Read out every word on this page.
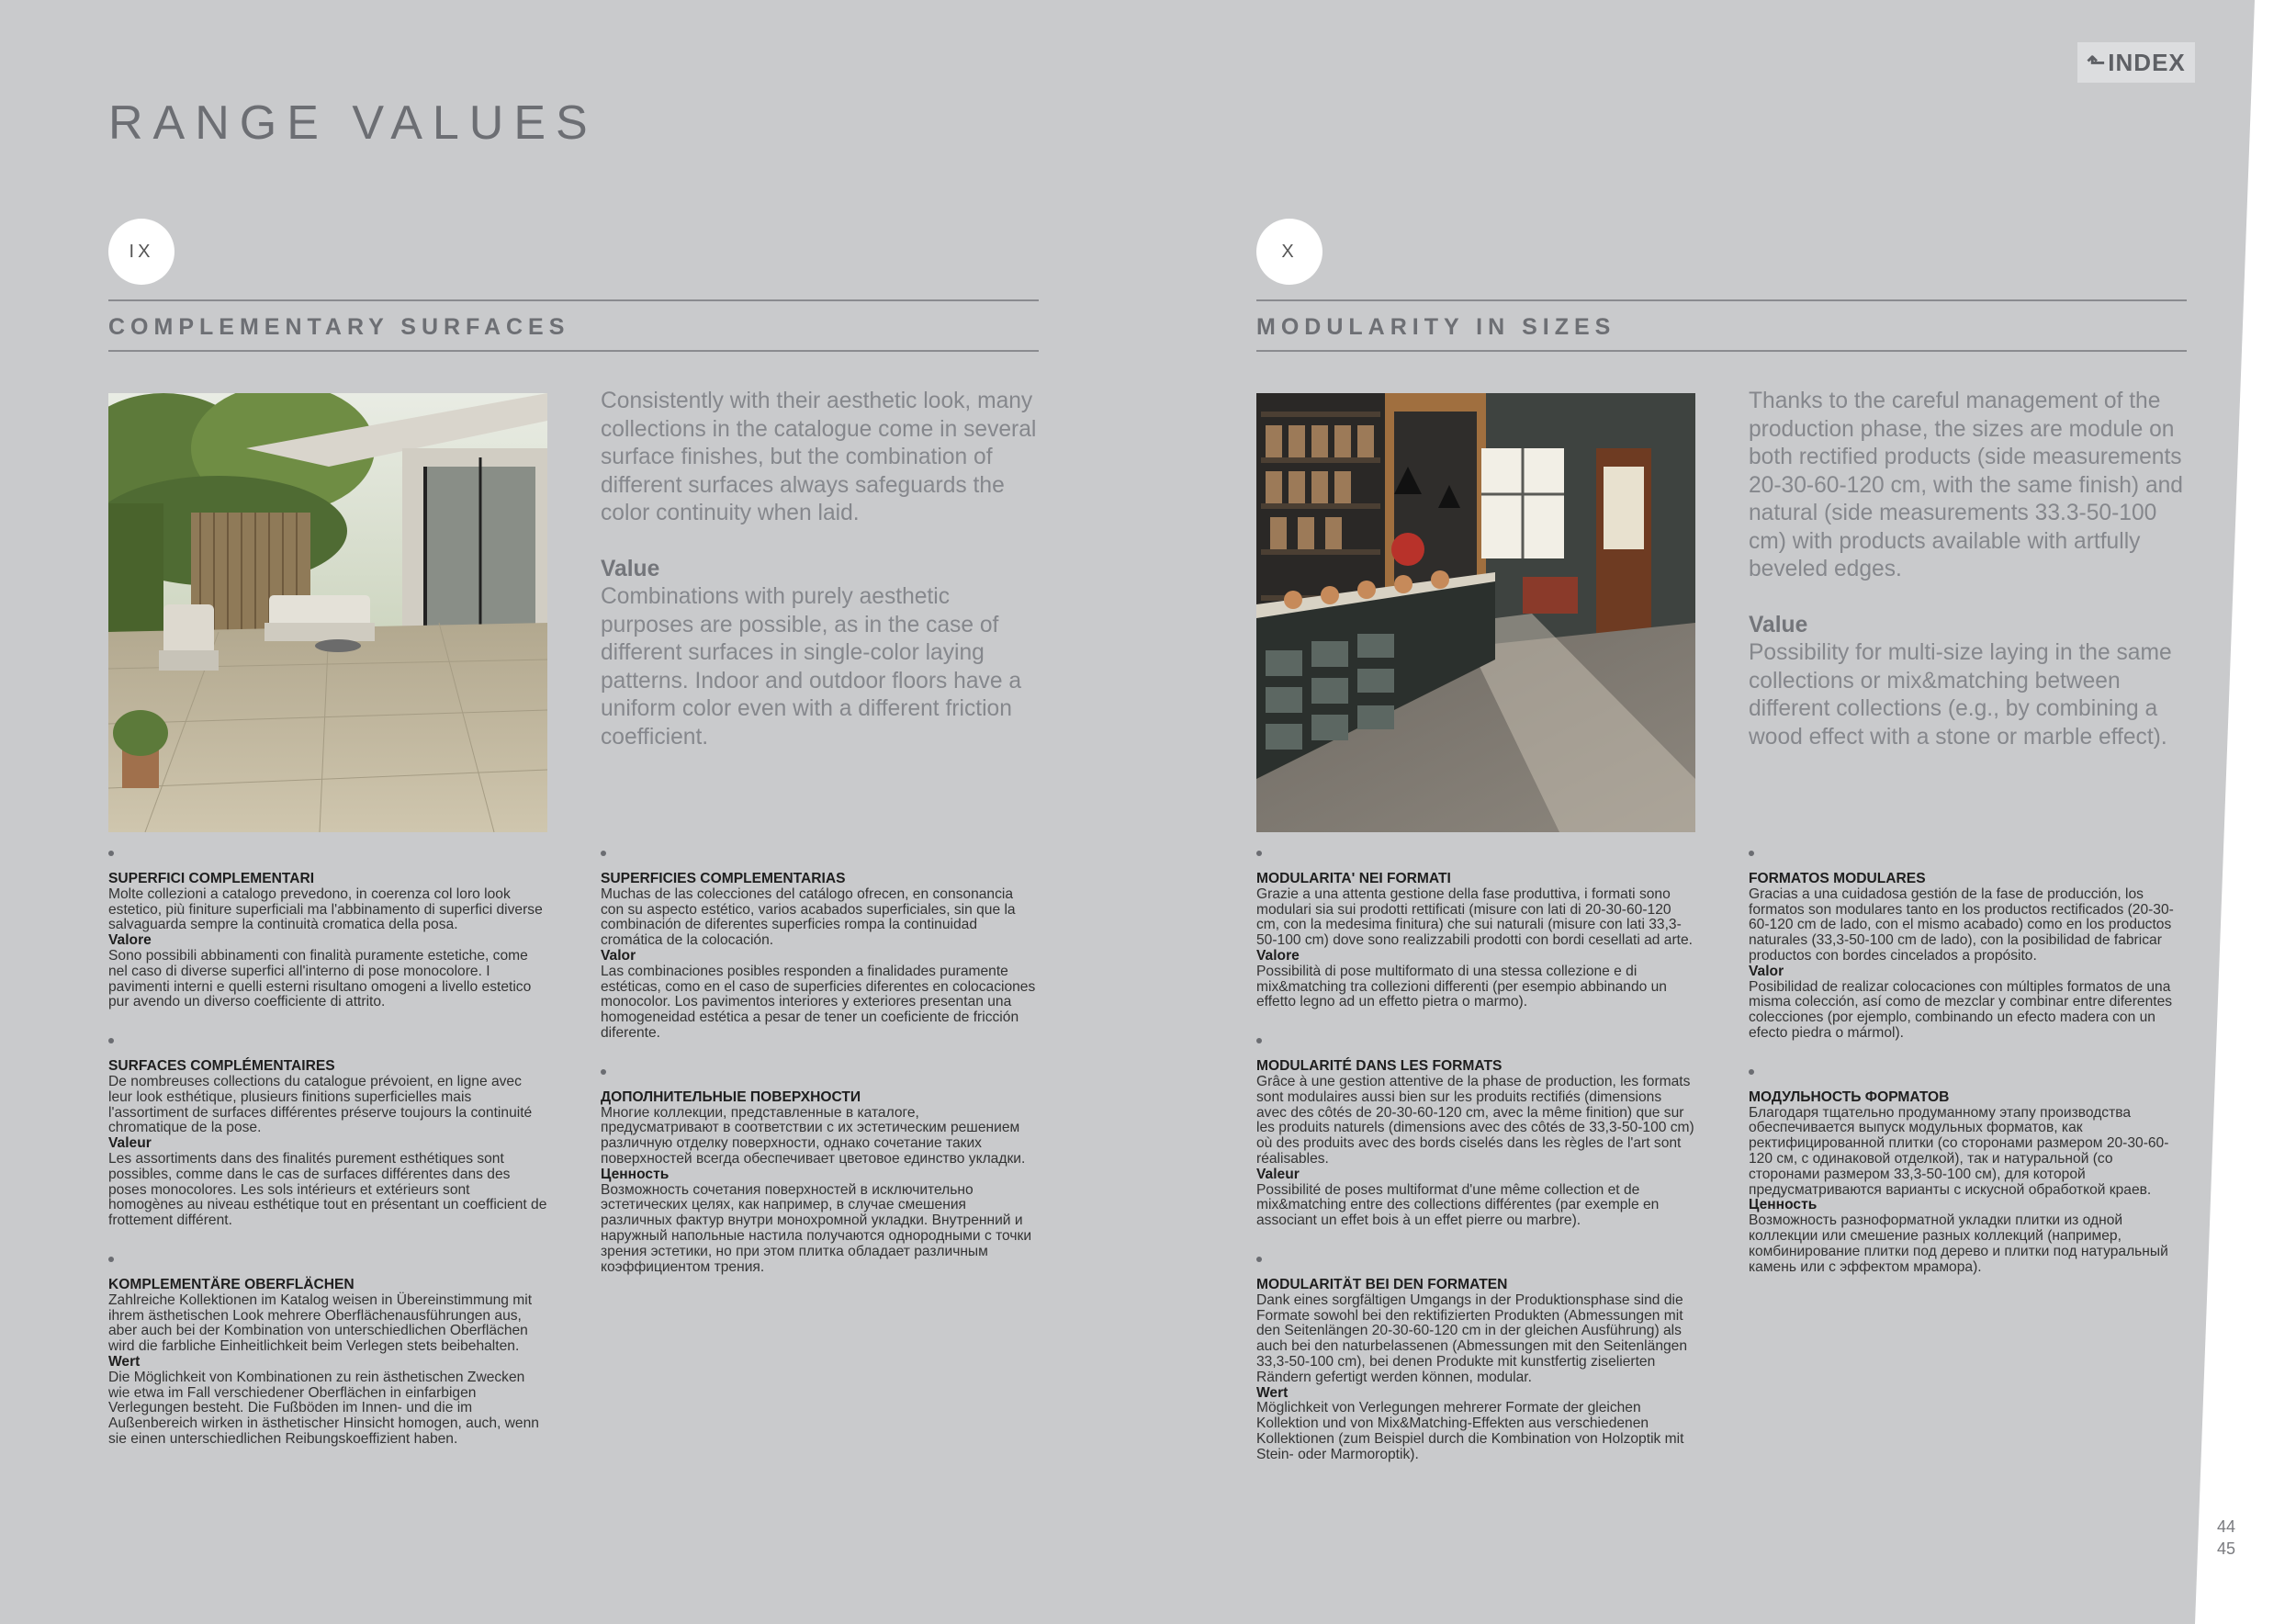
⬑ INDEX
RANGE VALUES
IX
COMPLEMENTARY SURFACES

Consistently with their aesthetic look, many collections in the catalogue come in several surface finishes, but the combination of different surfaces always safeguards the color continuity when laid.

Value

Combinations with purely aesthetic purposes are possible, as in the case of different surfaces in single-color laying patterns. Indoor and outdoor floors have a uniform color even with a different friction coefficient.

SUPERFICI COMPLEMENTARI

Molte collezioni a catalogo prevedono, in coerenza col loro look estetico, più finiture superficiali ma l'abbinamento di superfici diverse salvaguarda sempre la continuità cromatica della posa.

Valore

Sono possibili abbinamenti con finalità puramente estetiche, come nel caso di diverse superfici all'interno di pose monocolore. I pavimenti interni e quelli esterni risultano omogeni a livello estetico pur avendo un diverso coefficiente di attrito.

SURFACES COMPLÉMENTAIRES

De nombreuses collections du catalogue prévoient, en ligne avec leur look esthétique, plusieurs finitions superficielles mais l'assortiment de surfaces différentes préserve toujours la continuité chromatique de la pose.

Valeur

Les assortiments dans des finalités purement esthétiques sont possibles, comme dans le cas de surfaces différentes dans des poses monocolores. Les sols intérieurs et extérieurs sont homogènes au niveau esthétique tout en présentant un coefficient de frottement différent.

KOMPLEMENTÄRE OBERFLÄCHEN

Zahlreiche Kollektionen im Katalog weisen in Übereinstimmung mit ihrem ästhetischen Look mehrere Oberflächenausführungen aus, aber auch bei der Kombination von unterschiedlichen Oberflächen wird die farbliche Einheitlichkeit beim Verlegen stets beibehalten.

Wert

Die Möglichkeit von Kombinationen zu rein ästhetischen Zwecken wie etwa im Fall verschiedener Oberflächen in einfarbigen Verlegungen besteht. Die Fußböden im Innen- und die im Außenbereich wirken in ästhetischer Hinsicht homogen, auch, wenn sie einen unterschiedlichen Reibungskoeffizient haben.

SUPERFICIES COMPLEMENTARIAS

Muchas de las colecciones del catálogo ofrecen, en consonancia con su aspecto estético, varios acabados superficiales, sin que la combinación de diferentes superficies rompa la continuidad cromática de la colocación.

Valor

Las combinaciones posibles responden a finalidades puramente estéticas, como en el caso de superficies diferentes en colocaciones monocolor. Los pavimentos interiores y exteriores presentan una homogeneidad estética a pesar de tener un coeficiente de fricción diferente.

ДОПОЛНИТЕЛЬНЫЕ ПОВЕРХНОСТИ

Многие коллекции, представленные в каталоге, предусматривают в соответствии с их эстетическим решением различную отделку поверхности, однако сочетание таких поверхностей всегда обеспечивает цветовое единство укладки.

Ценность

Возможность сочетания поверхностей в исключительно эстетических целях, как например, в случае смешения различных фактур внутри монохромной укладки. Внутренний и наружный напольные настила получаются однородными с точки зрения эстетики, но при этом плитка обладает различным коэффициентом трения.

X
MODULARITY IN SIZES

Thanks to the careful management of the production phase, the sizes are module on both rectified products (side measurements 20-30-60-120 cm, with the same finish) and natural (side measurements 33.3-50-100 cm) with products available with artfully beveled edges.

Value

Possibility for multi-size laying in the same collections or mix&matching between different collections (e.g., by combining a wood effect with a stone or marble effect).

MODULARITA' NEI FORMATI

Grazie a una attenta gestione della fase produttiva, i formati sono modulari sia sui prodotti rettificati (misure con lati di 20-30-60-120 cm, con la medesima finitura) che sui naturali (misure con lati 33,3-50-100 cm) dove sono realizzabili prodotti con bordi cesellati ad arte.

Valore

Possibilità di pose multiformato di una stessa collezione e di mix&matching tra collezioni differenti (per esempio abbinando un effetto legno ad un effetto pietra o marmo).

MODULARITÉ DANS LES FORMATS

Grâce à une gestion attentive de la phase de production, les formats sont modulaires aussi bien sur les produits rectifiés (dimensions avec des côtés de 20-30-60-120 cm, avec la même finition) que sur les produits naturels (dimensions avec des côtés de 33,3-50-100 cm) où des produits avec des bords ciselés dans les règles de l'art sont réalisables.

Valeur

Possibilité de poses multiformat d'une même collection et de mix&matching entre des collections différentes (par exemple en associant un effet bois à un effet pierre ou marbre).

MODULARITÄT BEI DEN FORMATEN

Dank eines sorgfältigen Umgangs in der Produktionsphase sind die Formate sowohl bei den rektifizierten Produkten (Abmessungen mit den Seitenlängen 20-30-60-120 cm in der gleichen Ausführung) als auch bei den naturbelassenen (Abmessungen mit den Seitenlängen 33,3-50-100 cm), bei denen Produkte mit kunstfertig ziselierten Rändern gefertigt werden können, modular.

Wert

Möglichkeit von Verlegungen mehrerer Formate der gleichen Kollektion und von Mix&Matching-Effekten aus verschiedenen Kollektionen (zum Beispiel durch die Kombination von Holzoptik mit Stein- oder Marmoroptik).

FORMATOS MODULARES

Gracias a una cuidadosa gestión de la fase de producción, los formatos son modulares tanto en los productos rectificados (20-30-60-120 cm de lado, con el mismo acabado) como en los productos naturales (33,3-50-100 cm de lado), con la posibilidad de fabricar productos con bordes cincelados a propósito.

Valor

Posibilidad de realizar colocaciones con múltiples formatos de una misma colección, así como de mezclar y combinar entre diferentes colecciones (por ejemplo, combinando un efecto madera con un efecto piedra o mármol).

МОДУЛЬНОСТЬ ФОРМАТОВ

Благодаря тщательно продуманному этапу производства обеспечивается выпуск модульных форматов, как ректифицированной плитки (со сторонами размером 20-30-60-120 см, с одинаковой отделкой), так и натуральной (со сторонами размером 33,3-50-100 см), для которой предусматриваются варианты с искусной обработкой краев.

Ценность

Возможность разноформатной укладки плитки из одной коллекции или смешение разных коллекций (например, комбинирование плитки под дерево и плитки под натуральный камень или с эффектом мрамора).

44
45
